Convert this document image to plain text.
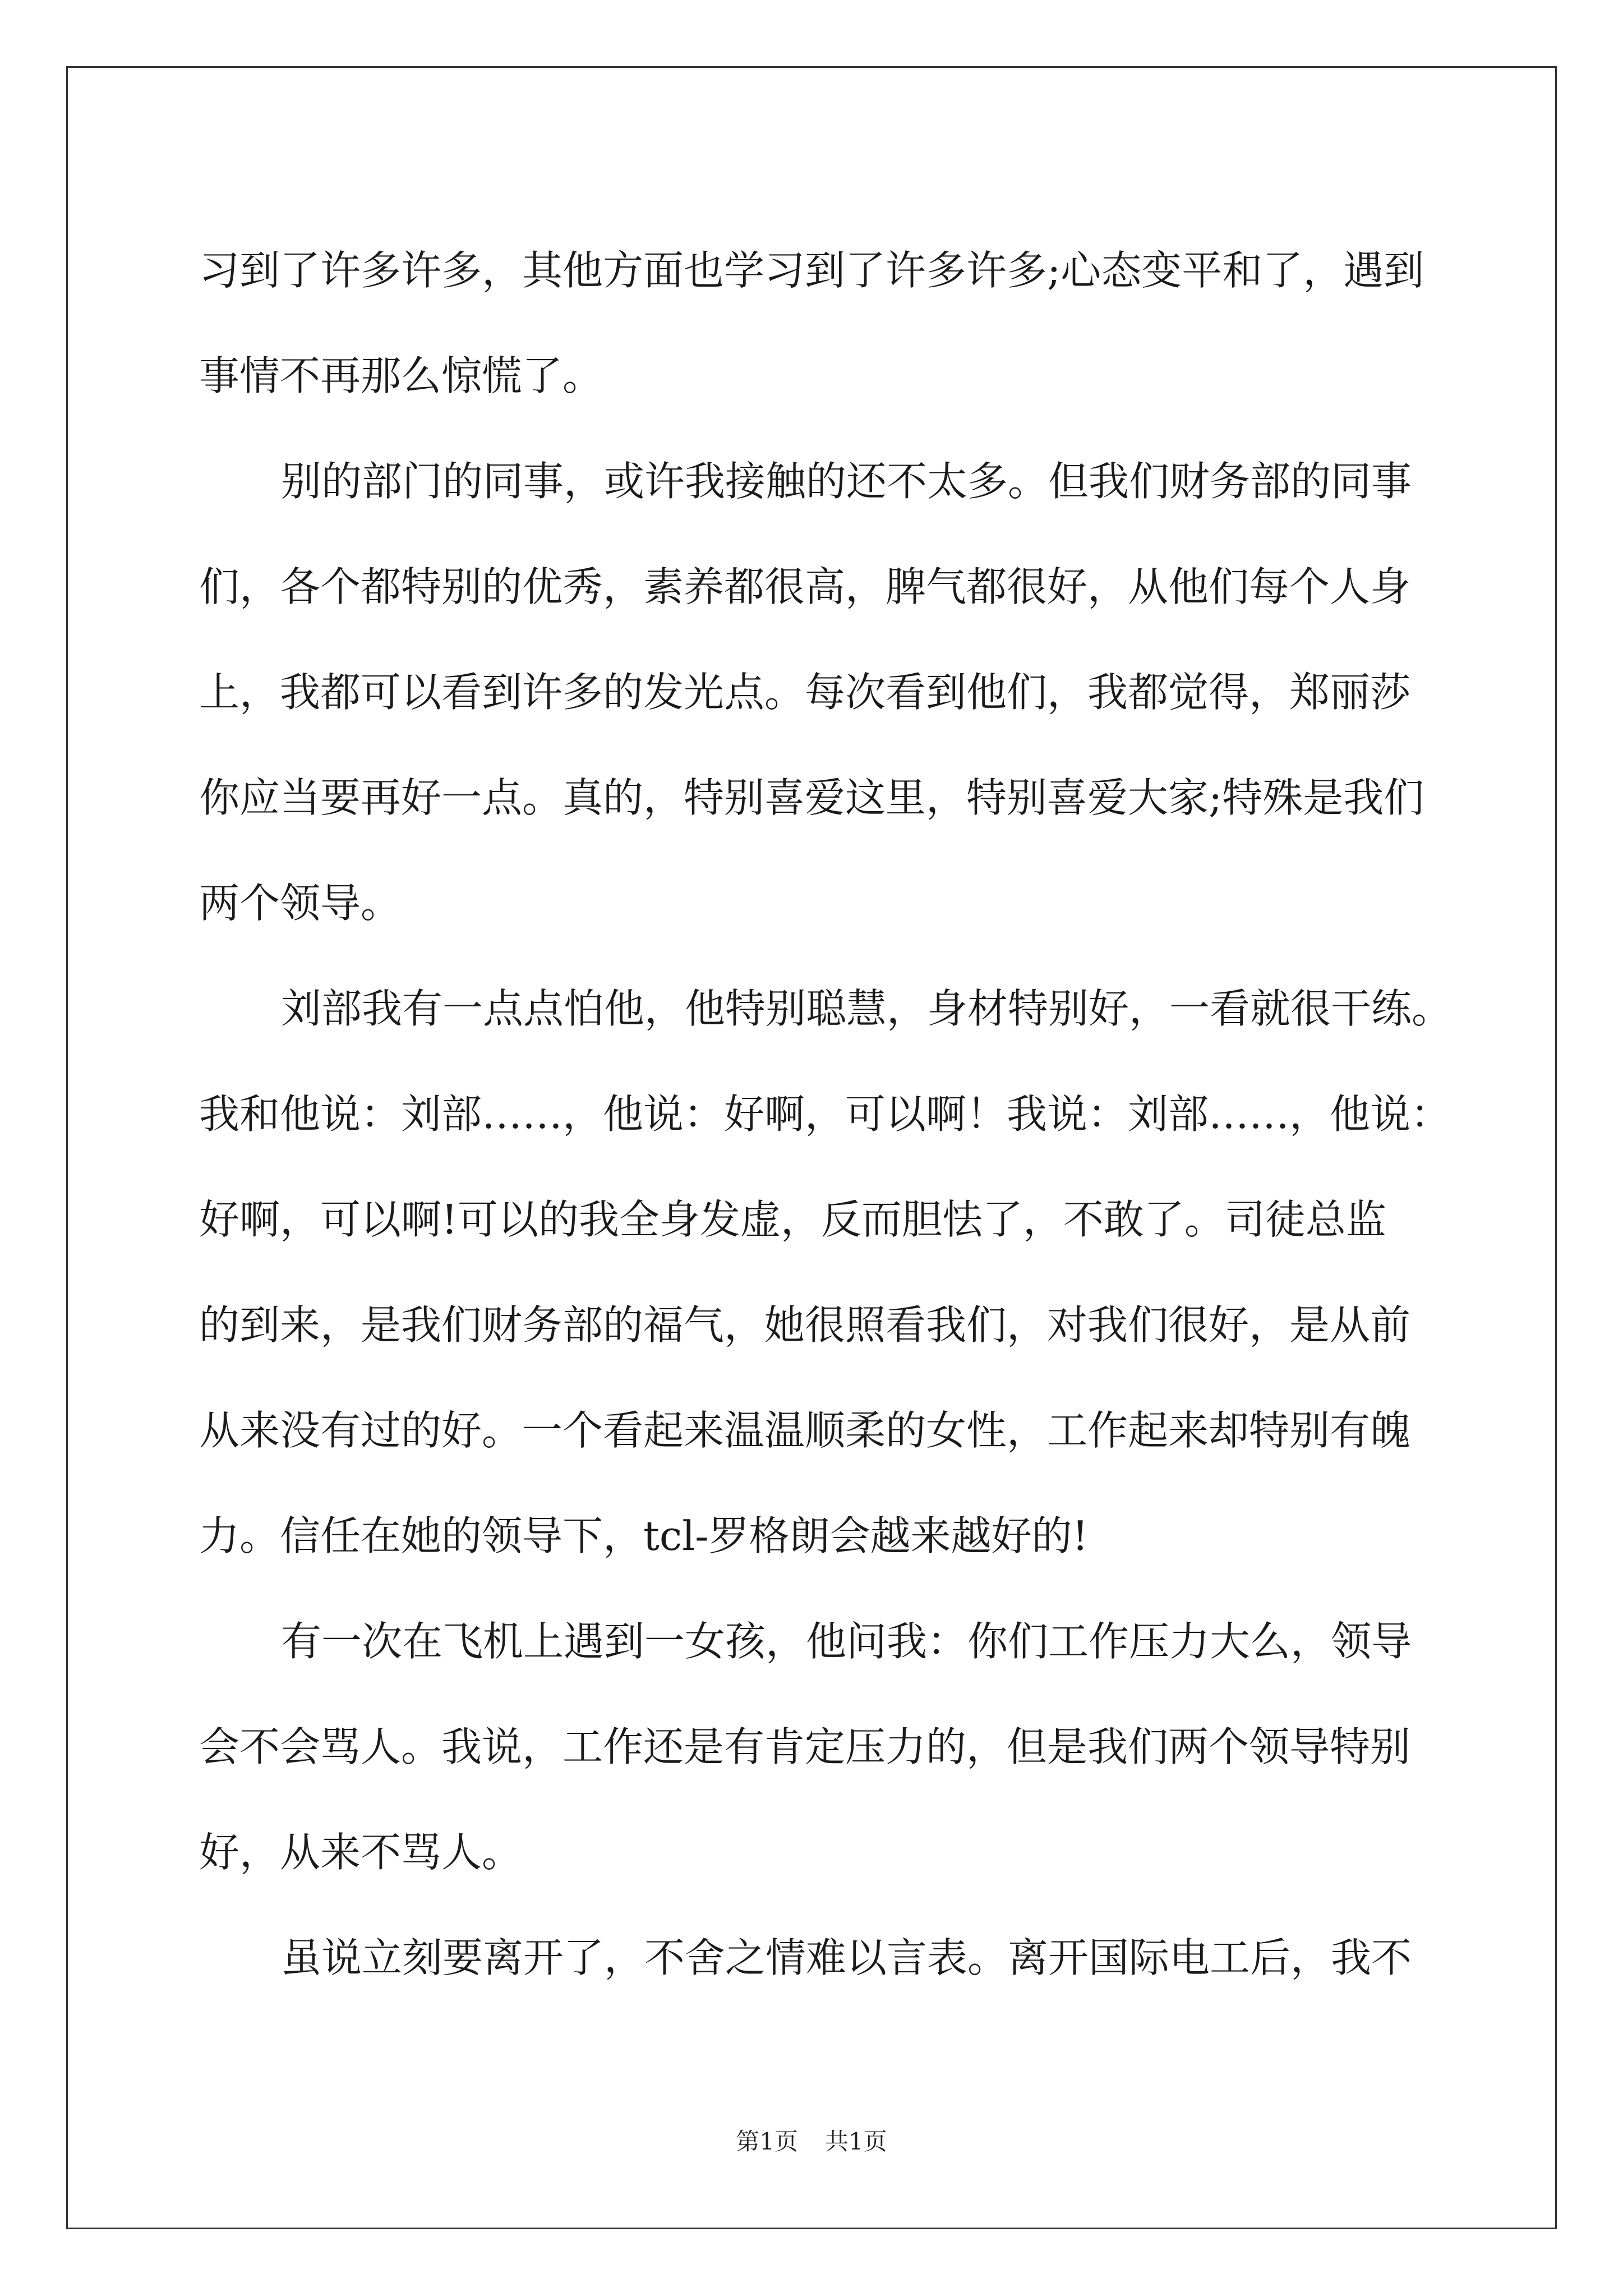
习到了许多许多，其他方面也学习到了许多许多;心态变平和了，遇到
事情不再那么惊慌了。
别的部门的同事，或许我接触的还不太多。但我们财务部的同事
们，各个都特别的优秀，素养都很高，脾气都很好，从他们每个人身
上，我都可以看到许多的发光点。每次看到他们，我都觉得，郑丽莎
你应当要再好一点。真的，特别喜爱这里，特别喜爱大家;特殊是我们
两个领导。
刘部我有一点点怕他，他特别聪慧，身材特别好，一看就很干练。
我和他说：刘部……，他说：好啊，可以啊！我说：刘部……，他说：
好啊，可以啊!可以的我全身发虚，反而胆怯了，不敢了。司徒总监
的到来，是我们财务部的福气，她很照看我们，对我们很好，是从前
从来没有过的好。一个看起来温温顺柔的女性，工作起来却特别有魄
力。信任在她的领导下，tcl-罗格朗会越来越好的!
有一次在飞机上遇到一女孩，他问我：你们工作压力大么，领导
会不会骂人。我说，工作还是有肯定压力的，但是我们两个领导特别
好，从来不骂人。
虽说立刻要离开了，不舍之情难以言表。离开国际电工后，我不
第1页 共1页
